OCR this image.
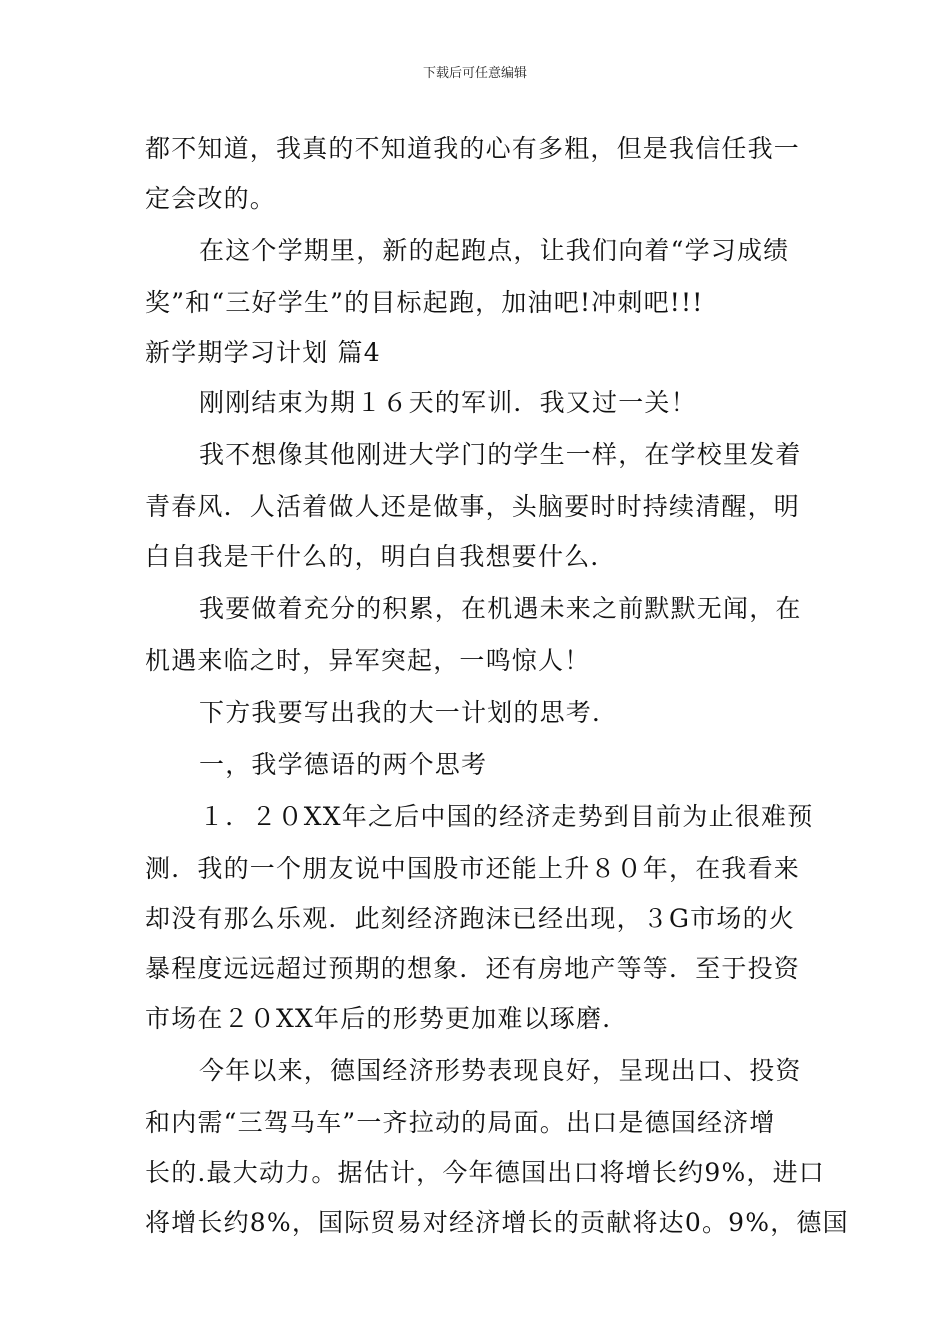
下载后可任意编辑
都不知道，我真的不知道我的心有多粗，但是我信任我一
定会改的。
在这个学期里，新的起跑点，让我们向着“学习成绩
奖”和“三好学生”的目标起跑，加油吧!冲刺吧!!!
新学期学习计划 篇4
刚刚结束为期１６天的军训．我又过一关！
我不想像其他刚进大学门的学生一样，在学校里发着
青春风．人活着做人还是做事，头脑要时时持续清醒，明
白自我是干什么的，明白自我想要什么．
我要做着充分的积累，在机遇未来之前默默无闻，在
机遇来临之时，异军突起，一鸣惊人！
下方我要写出我的大一计划的思考．
一，我学德语的两个思考
１．２０XX年之后中国的经济走势到目前为止很难预
测．我的一个朋友说中国股市还能上升８０年，在我看来
却没有那么乐观．此刻经济跑沫已经出现，３G市场的火
暴程度远远超过预期的想象．还有房地产等等．至于投资
市场在２０XX年后的形势更加难以琢磨．
今年以来，德国经济形势表现良好，呈现出口、投资
和内需“三驾马车”一齐拉动的局面。出口是德国经济增
长的.最大动力。据估计，今年德国出口将增长约9%，进口
将增长约8%，国际贸易对经济增长的贡献将达0。9%，德国
